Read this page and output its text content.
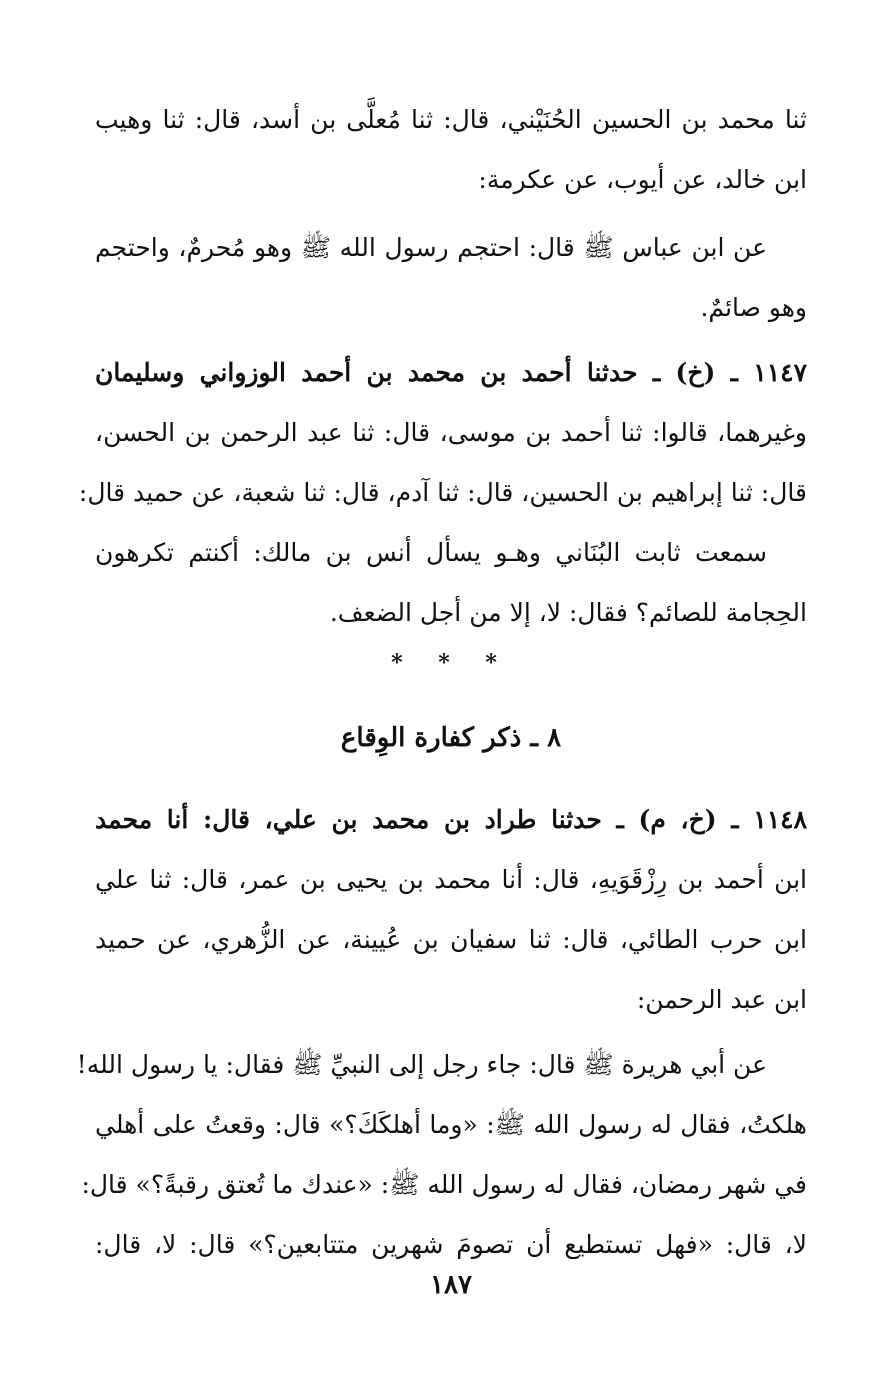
ثنا محمد بن الحسين الحُنَيْني، قال: ثنا مُعلَّى بن أسد، قال: ثنا وهيب
ابن خالد، عن أيوب، عن عكرمة:
عن ابن عباس ﷺ قال: احتجم رسول الله ﷺ وهو مُحرمٌ، واحتجم
وهو صائمٌ.
١١٤٧ ـ (خ) ـ حدثنا أحمد بن محمد بن أحمد الوزواني وسليمان
وغيرهما، قالوا: ثنا أحمد بن موسى، قال: ثنا عبد الرحمن بن الحسن،
قال: ثنا إبراهيم بن الحسين، قال: ثنا آدم، قال: ثنا شعبة، عن حميد قال:
سمعت ثابت البُنَاني وهـو يسأل أنس بن مالك: أكنتم تكرهون
الحِجامة للصائم؟ فقال: لا، إلا من أجل الضعف.
* * *
٨ ـ ذكر كفارة الوِقاع
١١٤٨ ـ (خ، م) ـ حدثنا طراد بن محمد بن علي، قال: أنا محمد
ابن أحمد بن رِزْقَوَيهِ، قال: أنا محمد بن يحيى بن عمر، قال: ثنا علي
ابن حرب الطائي، قال: ثنا سفيان بن عُيينة، عن الزُّهري، عن حميد
ابن عبد الرحمن:
عن أبي هريرة ﷺ قال: جاء رجل إلى النبيِّ ﷺ فقال: يا رسول الله!
هلكتُ، فقال له رسول الله ﷺ: «وما أهلكَكَ؟» قال: وقعتُ على أهلي
في شهر رمضان، فقال له رسول الله ﷺ: «عندك ما تُعتق رقبةً؟» قال:
لا، قال: «فهل تستطيع أن تصومَ شهرين متتابعين؟» قال: لا، قال:
١٨٧
